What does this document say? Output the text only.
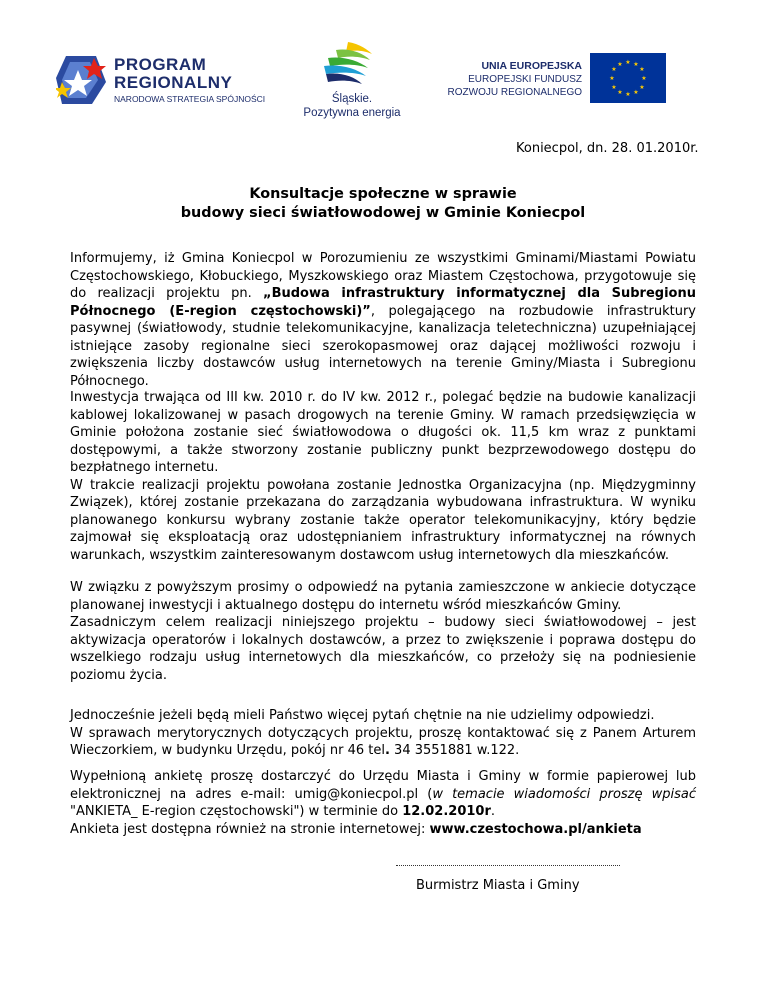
PROGRAM
REGIONALNY
NARODOWA STRATEGIA SPÓJNOŚCI	Śląskie.
Pozytywna energia
UNIA EUROPEJSKA
EUROPEJSKI FUNDUSZ
ROZWOJU REGIONALNEGO
★ ★
★
★
★
★
★
★
★
★
★
★
Koniecpol, dn. 28. 01.2010r.
Konsultacje społeczne w sprawie
budowy sieci światłowodowej w Gminie Koniecpol

Informujemy, iż Gmina Koniecpol w Porozumieniu ze wszystkimi Gminami/Miastami Powiatu Częstochowskiego, Kłobuckiego, Myszkowskiego oraz Miastem Częstochowa, przygotowuje się do realizacji projektu pn. „Budowa infrastruktury informatycznej dla Subregionu Północnego (E-region częstochowski)”, polegającego na rozbudowie infrastruktury pasywnej (światłowody, studnie telekomunikacyjne, kanalizacja teletechniczna) uzupełniającej istniejące zasoby regionalne sieci szerokopasmowej oraz dającej możliwości rozwoju i zwiększenia liczby dostawców usług internetowych na terenie Gminy/Miasta i Subregionu Północnego.

Inwestycja trwająca od III kw. 2010 r. do IV kw. 2012 r., polegać będzie na budowie kanalizacji kablowej lokalizowanej w pasach drogowych na terenie Gminy. W ramach przedsięwzięcia w Gminie położona zostanie sieć światłowodowa o długości ok. 11,5 km wraz z punktami dostępowymi, a także stworzony zostanie publiczny punkt bezprzewodowego dostępu do bezpłatnego internetu.

W trakcie realizacji projektu powołana zostanie Jednostka Organizacyjna (np. Międzygminny Związek), której zostanie przekazana do zarządzania wybudowana infrastruktura. W wyniku planowanego konkursu wybrany zostanie także operator telekomunikacyjny, który będzie zajmował się eksploatacją oraz udostępnianiem infrastruktury informatycznej na równych warunkach, wszystkim zainteresowanym dostawcom usług internetowych dla mieszkańców.

W związku z powyższym prosimy o odpowiedź na pytania zamieszczone w ankiecie dotyczące planowanej inwestycji i aktualnego dostępu do internetu wśród mieszkańców Gminy.

Zasadniczym celem realizacji niniejszego projektu – budowy sieci światłowodowej – jest aktywizacja operatorów i lokalnych dostawców, a przez to zwiększenie i poprawa dostępu do wszelkiego rodzaju usług internetowych dla mieszkańców, co przełoży się na podniesienie poziomu życia.

Jednocześnie jeżeli będą mieli Państwo więcej pytań chętnie na nie udzielimy odpowiedzi.

W sprawach merytorycznych dotyczących projektu, proszę kontaktować się z Panem Arturem Wieczorkiem, w budynku Urzędu, pokój nr 46 tel. 34 3551881 w.122.

Wypełnioną ankietę proszę dostarczyć do Urzędu Miasta i Gminy w formie papierowej lub elektronicznej na adres e-mail: umig@koniecpol.pl (w temacie wiadomości proszę wpisać "ANKIETA_ E-region częstochowski") w terminie do 12.02.2010r.

Ankieta jest dostępna również na stronie internetowej: www.czestochowa.pl/ankieta

Burmistrz Miasta i Gminy
